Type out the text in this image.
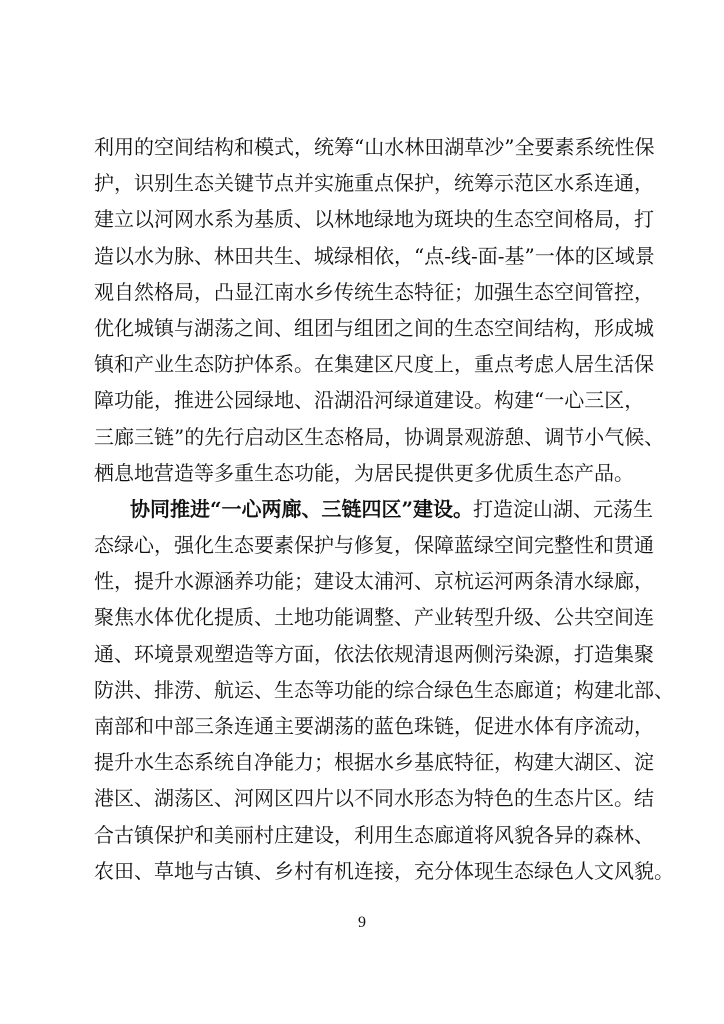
利用的空间结构和模式，统筹“山水林田湖草沙”全要素系统性保
护，识别生态关键节点并实施重点保护，统筹示范区水系连通，
建立以河网水系为基质、以林地绿地为斑块的生态空间格局，打
造以水为脉、林田共生、城绿相依，“点-线-面-基”一体的区域景
观自然格局，凸显江南水乡传统生态特征；加强生态空间管控，
优化城镇与湖荡之间、组团与组团之间的生态空间结构，形成城
镇和产业生态防护体系。在集建区尺度上，重点考虑人居生活保
障功能，推进公园绿地、沿湖沿河绿道建设。构建“一心三区，
三廊三链”的先行启动区生态格局，协调景观游憩、调节小气候、
栖息地营造等多重生态功能，为居民提供更多优质生态产品。
协同推进“一心两廊、三链四区”建设。打造淀山湖、元荡生
态绿心，强化生态要素保护与修复，保障蓝绿空间完整性和贯通
性，提升水源涵养功能；建设太浦河、京杭运河两条清水绿廊，
聚焦水体优化提质、土地功能调整、产业转型升级、公共空间连
通、环境景观塑造等方面，依法依规清退两侧污染源，打造集聚
防洪、排涝、航运、生态等功能的综合绿色生态廊道；构建北部、
南部和中部三条连通主要湖荡的蓝色珠链，促进水体有序流动，
提升水生态系统自净能力；根据水乡基底特征，构建大湖区、淀
港区、湖荡区、河网区四片以不同水形态为特色的生态片区。结
合古镇保护和美丽村庄建设，利用生态廊道将风貌各异的森林、
农田、草地与古镇、乡村有机连接，充分体现生态绿色人文风貌。
9
